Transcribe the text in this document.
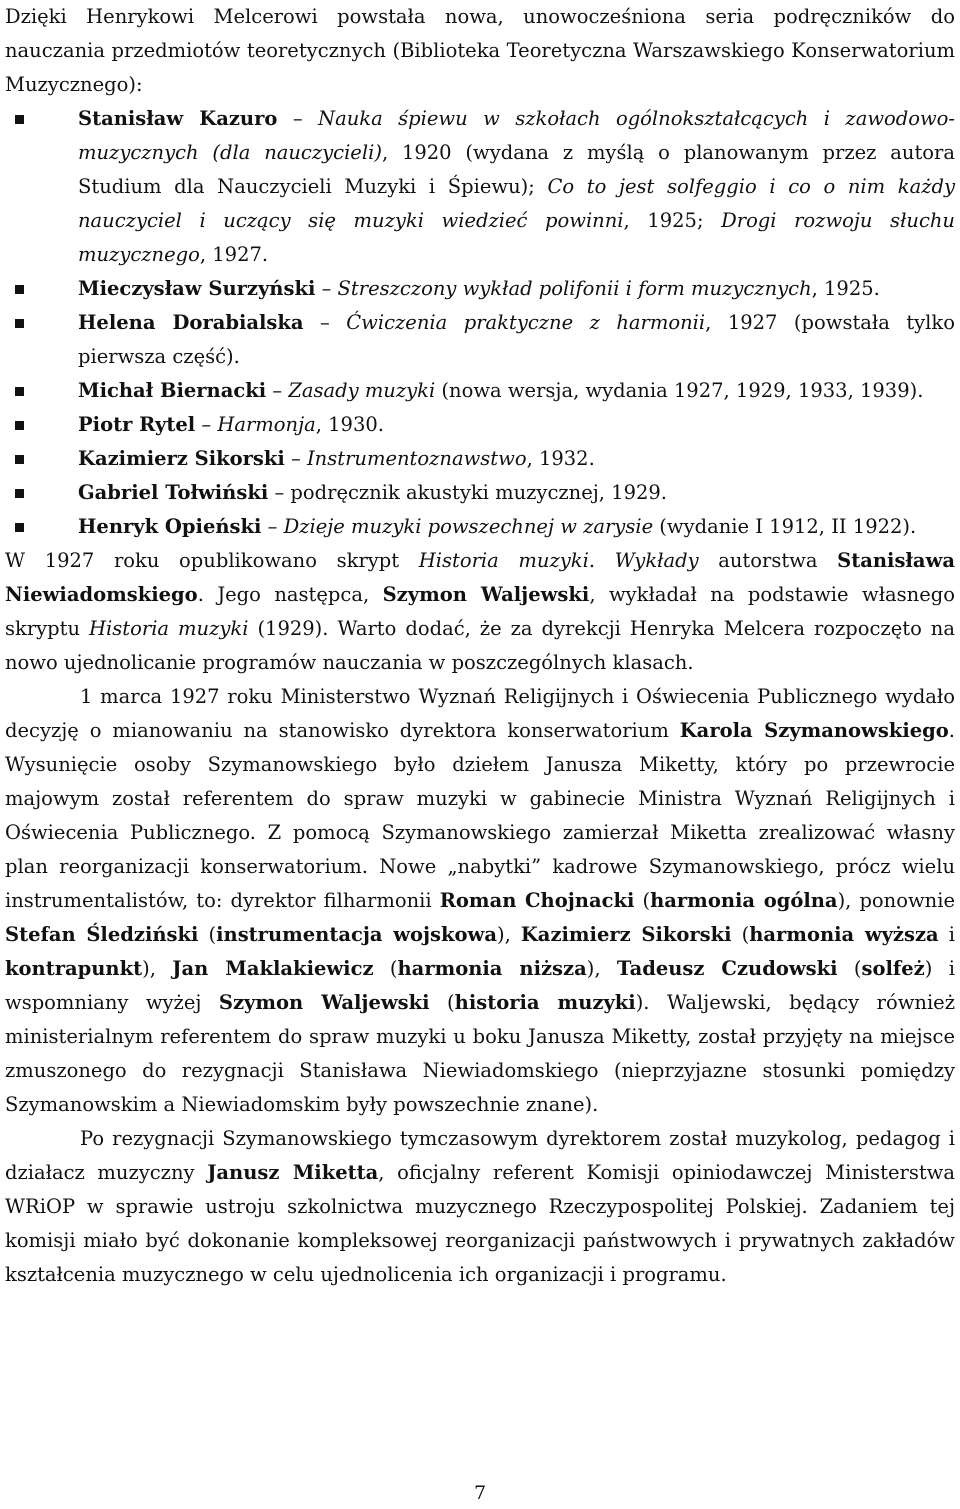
Dzięki Henrykowi Melcerowi powstała nowa, unowocześniona seria podręczników do nauczania przedmiotów teoretycznych (Biblioteka Teoretyczna Warszawskiego Konserwatorium Muzycznego):

Stanisław Kazuro – Nauka śpiewu w szkołach ogólnokształcących i zawodowo-muzycznych (dla nauczycieli), 1920 (wydana z myślą o planowanym przez autora Studium dla Nauczycieli Muzyki i Śpiewu); Co to jest solfeggio i co o nim każdy nauczyciel i uczący się muzyki wiedzieć powinni, 1925; Drogi rozwoju słuchu muzycznego, 1927.
Mieczysław Surzyński – Streszczony wykład polifonii i form muzycznych, 1925.
Helena Dorabialska – Ćwiczenia praktyczne z harmonii, 1927 (powstała tylko pierwsza część).
Michał Biernacki – Zasady muzyki (nowa wersja, wydania 1927, 1929, 1933, 1939).
Piotr Rytel – Harmonja, 1930.
Kazimierz Sikorski – Instrumentoznawstwo, 1932.
Gabriel Tołwiński – podręcznik akustyki muzycznej, 1929.
Henryk Opieński – Dzieje muzyki powszechnej w zarysie (wydanie I 1912, II 1922).

W 1927 roku opublikowano skrypt Historia muzyki. Wykłady autorstwa Stanisława Niewiadomskiego. Jego następca, Szymon Waljewski, wykładał na podstawie własnego skryptu Historia muzyki (1929). Warto dodać, że za dyrekcji Henryka Melcera rozpoczęto na nowo ujednolicanie programów nauczania w poszczególnych klasach.

1 marca 1927 roku Ministerstwo Wyznań Religijnych i Oświecenia Publicznego wydało decyzję o mianowaniu na stanowisko dyrektora konserwatorium Karola Szymanowskiego. Wysunięcie osoby Szymanowskiego było dziełem Janusza Miketty, który po przewrocie majowym został referentem do spraw muzyki w gabinecie Ministra Wyznań Religijnych i Oświecenia Publicznego. Z pomocą Szymanowskiego zamierzał Miketta zrealizować własny plan reorganizacji konserwatorium. Nowe „nabytki” kadrowe Szymanowskiego, prócz wielu instrumentalistów, to: dyrektor filharmonii Roman Chojnacki (harmonia ogólna), ponownie Stefan Śledziński (instrumentacja wojskowa), Kazimierz Sikorski (harmonia wyższa i kontrapunkt), Jan Maklakiewicz (harmonia niższa), Tadeusz Czudowski (solfeż) i wspomniany wyżej Szymon Waljewski (historia muzyki). Waljewski, będący również ministerialnym referentem do spraw muzyki u boku Janusza Miketty, został przyjęty na miejsce zmuszonego do rezygnacji Stanisława Niewiadomskiego (nieprzyjazne stosunki pomiędzy Szymanowskim a Niewiadomskim były powszechnie znane).

Po rezygnacji Szymanowskiego tymczasowym dyrektorem został muzykolog, pedagog i działacz muzyczny Janusz Miketta, oficjalny referent Komisji opiniodawczej Ministerstwa WRiOP w sprawie ustroju szkolnictwa muzycznego Rzeczypospolitej Polskiej. Zadaniem tej komisji miało być dokonanie kompleksowej reorganizacji państwowych i prywatnych zakładów kształcenia muzycznego w celu ujednolicenia ich organizacji i programu.

7
